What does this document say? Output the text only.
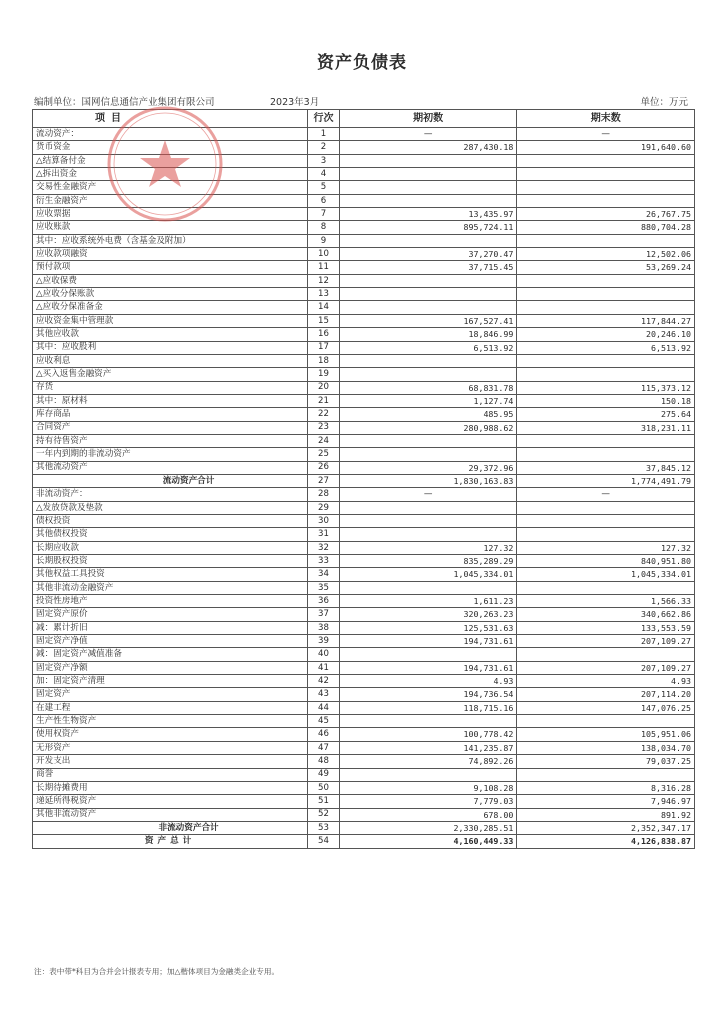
资产负债表
编制单位：国网信息通信产业集团有限公司	2023年3月	单位：万元
项目	行次	期初数	期末数
流动资产：	1	—	—
货币资金	2	287,430.18	191,640.60
△结算备付金	3		
△拆出资金	4		
交易性金融资产	5		
衍生金融资产	6		
应收票据	7	13,435.97	26,767.75
应收账款	8	895,724.11	880,704.28
其中：应收系统外电费（含基金及附加）	9		
应收款项融资	10	37,270.47	12,502.06
预付款项	11	37,715.45	53,269.24
△应收保费	12		
△应收分保账款	13		
△应收分保准备金	14		
应收资金集中管理款	15	167,527.41	117,844.27
其他应收款	16	18,846.99	20,246.10
其中：应收股利	17	6,513.92	6,513.92
应收利息	18		
△买入返售金融资产	19		
存货	20	68,831.78	115,373.12
其中：原材料	21	1,127.74	150.18
库存商品	22	485.95	275.64
合同资产	23	280,988.62	318,231.11
持有待售资产	24		
一年内到期的非流动资产	25		
其他流动资产	26	29,372.96	37,845.12
流动资产合计	27	1,830,163.83	1,774,491.79
非流动资产：	28	—	—
△发放贷款及垫款	29		
债权投资	30		
其他债权投资	31		
长期应收款	32	127.32	127.32
长期股权投资	33	835,289.29	840,951.80
其他权益工具投资	34	1,045,334.01	1,045,334.01
其他非流动金融资产	35		
投资性房地产	36	1,611.23	1,566.33
固定资产原价	37	320,263.23	340,662.86
减：累计折旧	38	125,531.63	133,553.59
固定资产净值	39	194,731.61	207,109.27
减：固定资产减值准备	40		
固定资产净额	41	194,731.61	207,109.27
加：固定资产清理	42	4.93	4.93
固定资产	43	194,736.54	207,114.20
在建工程	44	118,715.16	147,076.25
生产性生物资产	45		
使用权资产	46	100,778.42	105,951.06
无形资产	47	141,235.87	138,034.70
开发支出	48	74,892.26	79,037.25
商誉	49		
长期待摊费用	50	9,108.28	8,316.28
递延所得税资产	51	7,779.03	7,946.97
其他非流动资产	52	678.00	891.92
非流动资产合计	53	2,330,285.51	2,352,347.17
资产总计	54	4,160,449.33	4,126,838.87
注：表中带*科目为合并会计报表专用；加△楷体项目为金融类企业专用。
